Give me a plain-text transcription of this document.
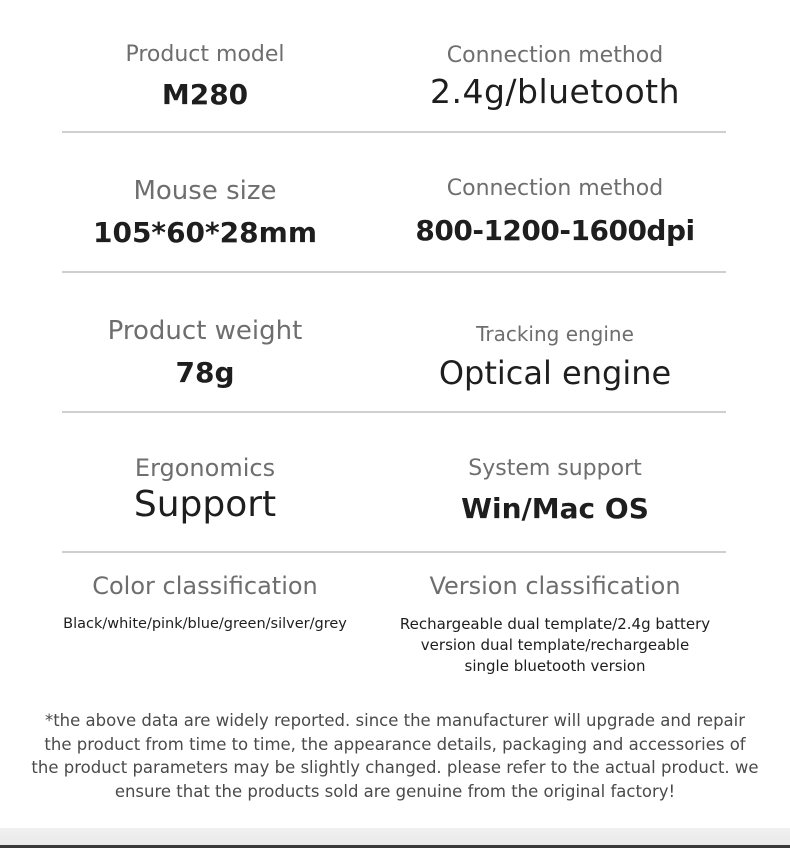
Product model
M280
Connection method
2.4g/bluetooth
Mouse size
105*60*28mm
Connection method
800-1200-1600dpi
Product weight
78g
Tracking engine
Optical engine
Ergonomics
Support
System support
Win/Mac OS
Color classification
Black/white/pink/blue/green/silver/grey
Version classification
Rechargeable dual template/2.4g battery
version dual template/rechargeable
single bluetooth version
*the above data are widely reported. since the manufacturer will upgrade and repair
the product from time to time, the appearance details, packaging and accessories of
the product parameters may be slightly changed. please refer to the actual product. we
ensure that the products sold are genuine from the original factory!
